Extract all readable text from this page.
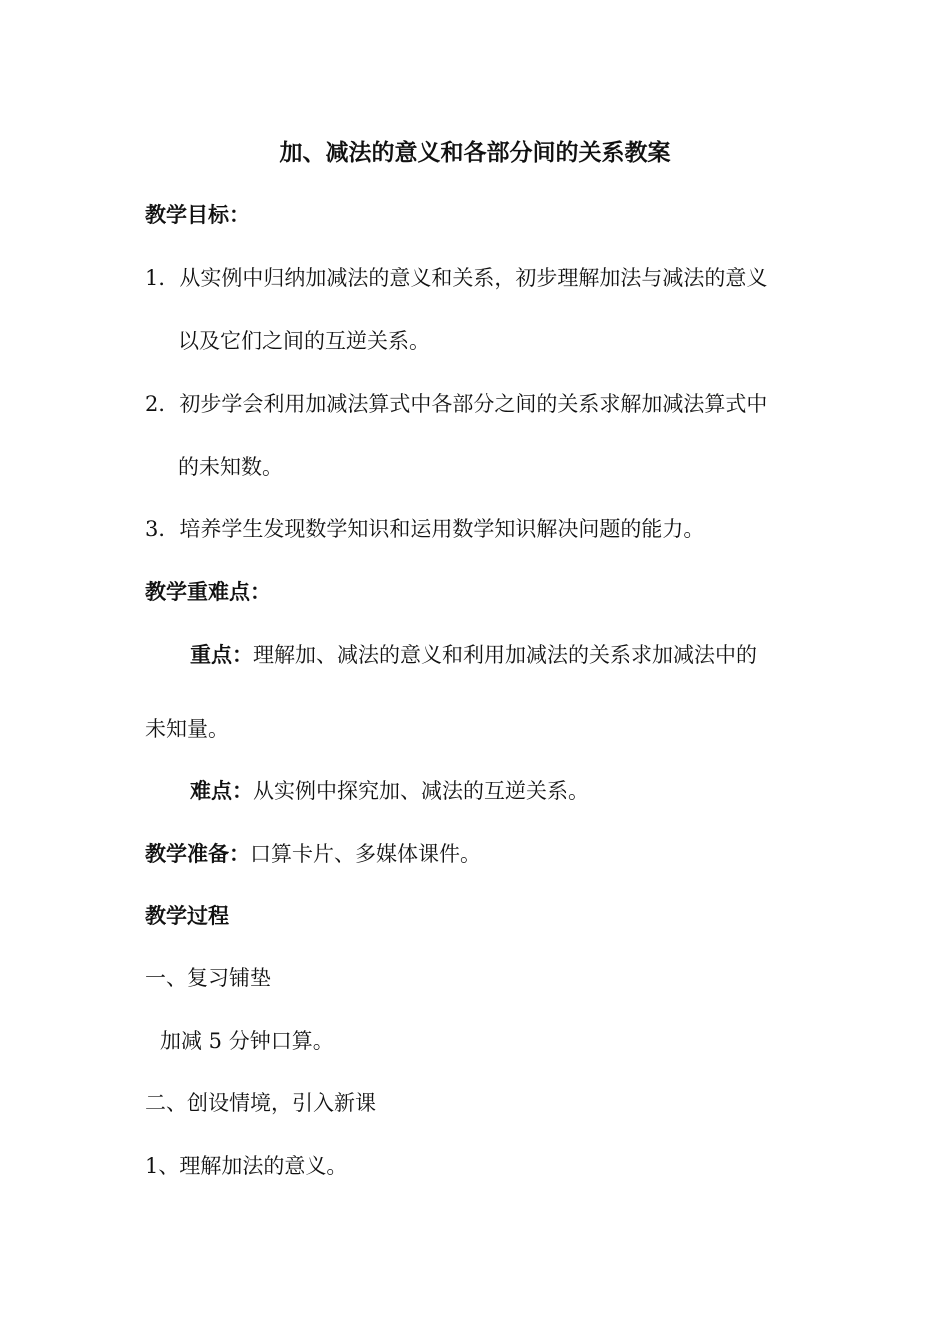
加、减法的意义和各部分间的关系教案
教学目标：
1．从实例中归纳加减法的意义和关系，初步理解加法与减法的意义
以及它们之间的互逆关系。
2．初步学会利用加减法算式中各部分之间的关系求解加减法算式中
的未知数。
3．培养学生发现数学知识和运用数学知识解决问题的能力。
教学重难点：
重点：理解加、减法的意义和利用加减法的关系求加减法中的
未知量。
难点：从实例中探究加、减法的互逆关系。
教学准备：口算卡片、多媒体课件。
教学过程
一、复习铺垫
加减 5 分钟口算。
二、创设情境，引入新课
1、理解加法的意义。
